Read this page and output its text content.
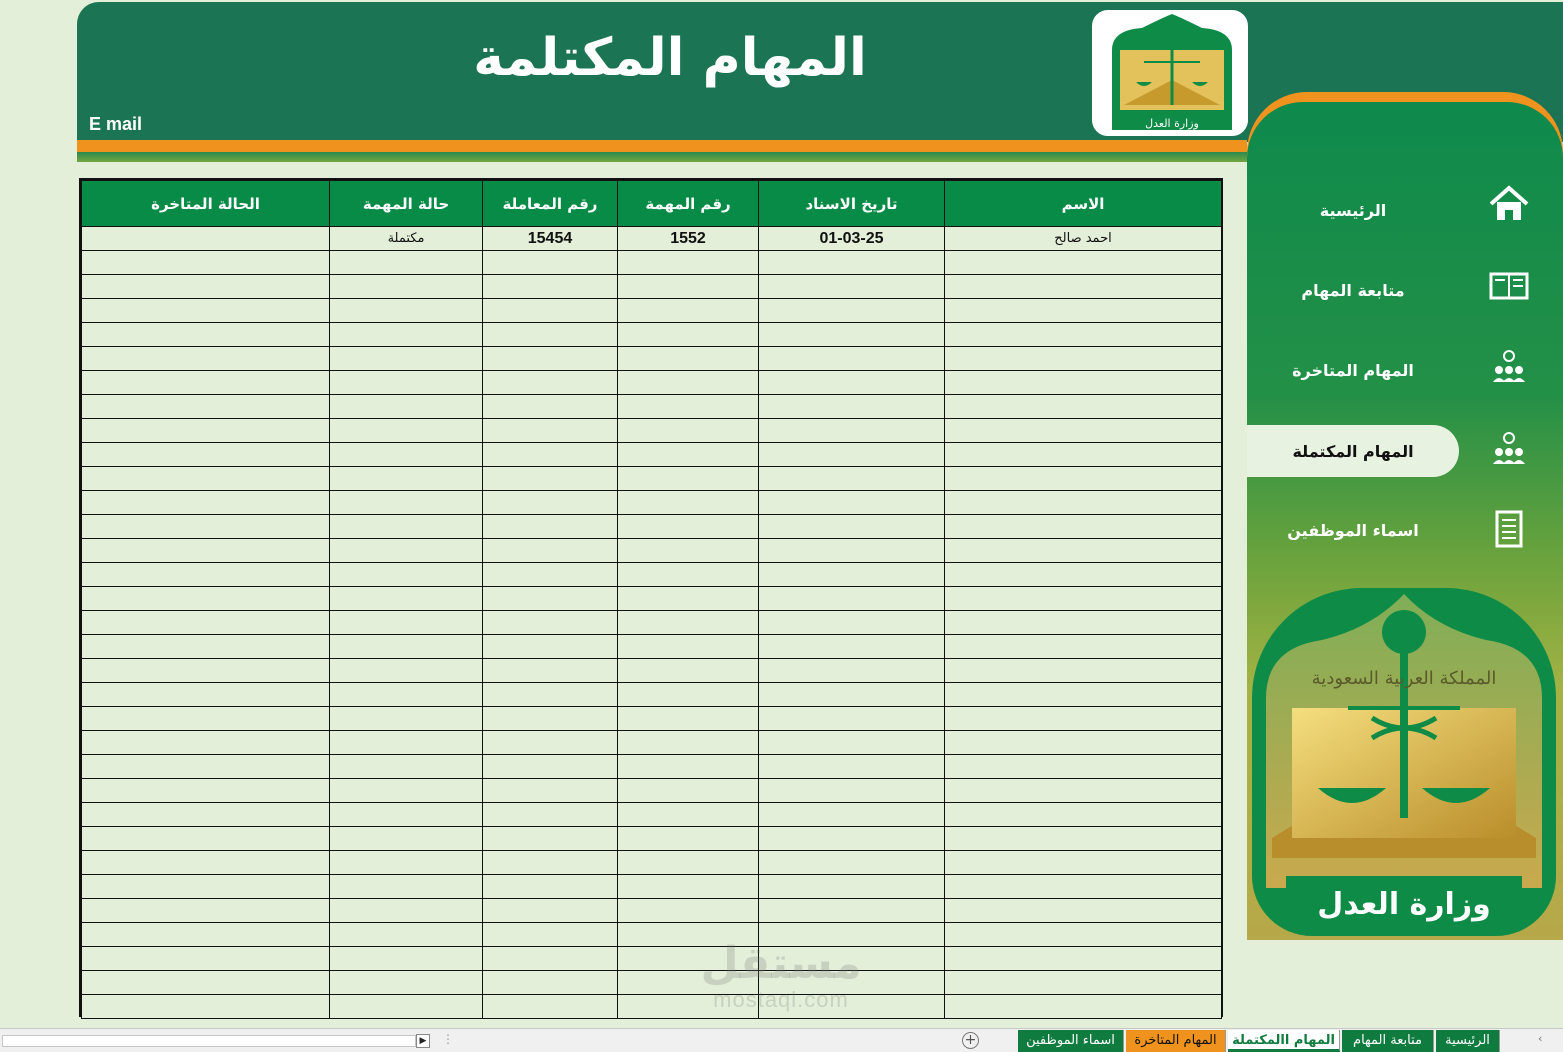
المهام المكتلمة
E mail	وزارة العدل
الرئيسية
متابعة المهام
المهام المتاخرة
المهام المكتملة
اسماء الموظفين
المملكة العربية السعودية
وزارة العدل
الاسم	تاريخ الاسناد	رقم المهمة	رقم المعاملة	حالة المهمة	الحالة المتاخرة
احمد صالح	01-03-25	1552	15454	مكتملة	

مستقل
mostaql.com
▶ ⋮	+	اسماء الموظفين	المهام المتاخرة	المهام االمكتملة	متابعة المهام	الرئيسية	‹
